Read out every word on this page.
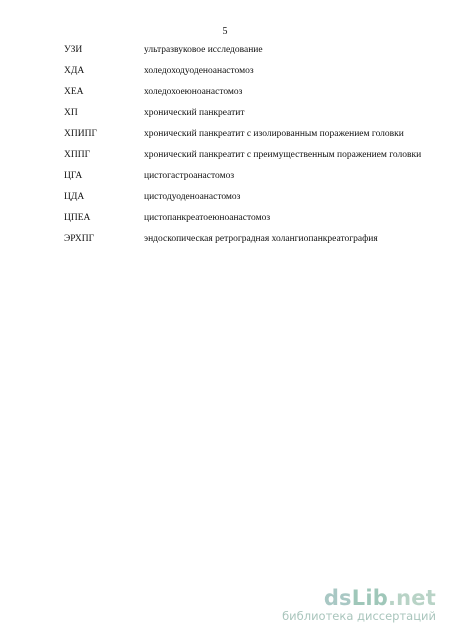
5
УЗИ	ультразвуковое исследование
ХДА	холедоходуоденоанастомоз
ХЕА	холедохоеюноанастомоз
ХП	хронический панкреатит
ХПИПГ	хронический панкреатит с изолированным поражением головки
ХППГ	хронический панкреатит с преимущественным поражением головки
ЦГА	цистогастроанастомоз
ЦДА	цистодуоденоанастомоз
ЦПЕА	цистопанкреатоеюноанастомоз
ЭРХПГ	эндоскопическая ретроградная холангиопанкреатография
dsLib.net
библиотека диссертаций
